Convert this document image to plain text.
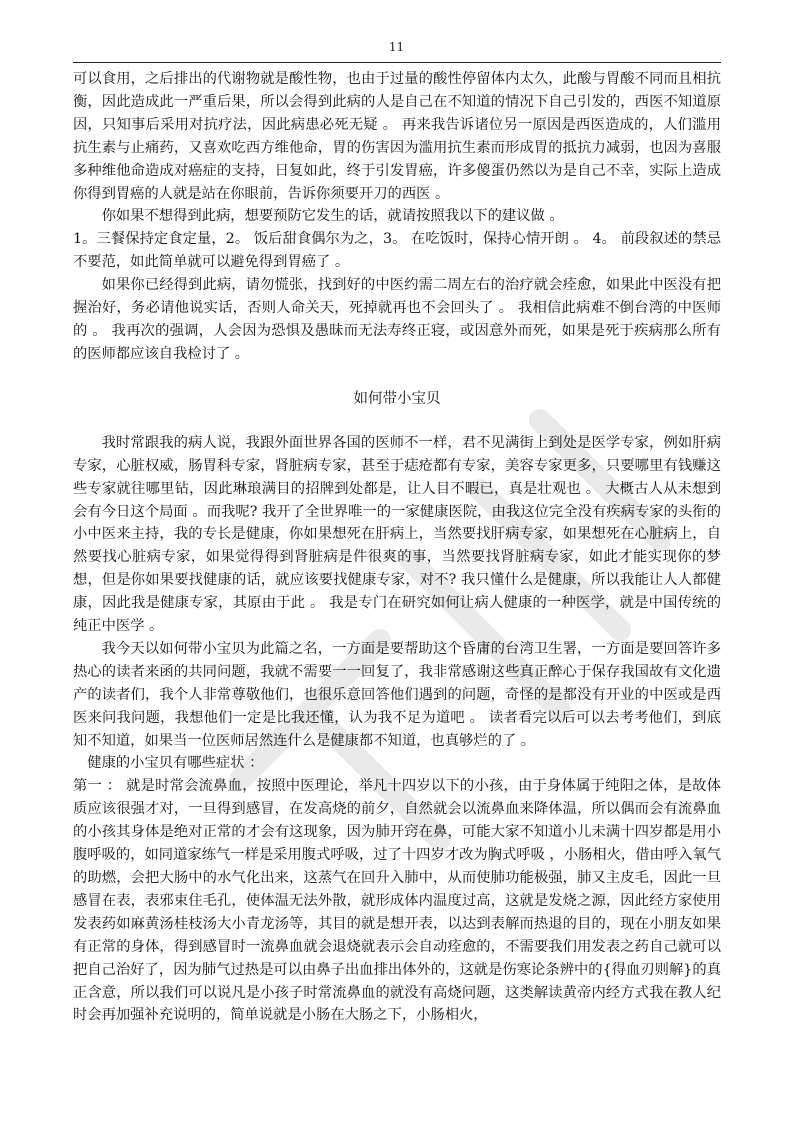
11

可以食用，之后排出的代谢物就是酸性物，也由于过量的酸性停留体内太久，此酸与胃酸不同而且相抗衡，因此造成此一严重后果，所以会得到此病的人是自己在不知道的情况下自己引发的，西医不知道原因，只知事后采用对抗疗法，因此病患必死无疑 。 再来我告诉诸位另一原因是西医造成的，人们滥用抗生素与止痛药，又喜欢吃西方维他命，胃的伤害因为滥用抗生素而形成胃的抵抗力减弱，也因为喜服多种维他命造成对癌症的支持，日复如此，终于引发胃癌，许多傻蛋仍然以为是自己不幸，实际上造成你得到胃癌的人就是站在你眼前，告诉你须要开刀的西医 。

你如果不想得到此病，想要预防它发生的话，就请按照我以下的建议做 。

1。三餐保持定食定量，2。 饭后甜食偶尔为之，3。 在吃饭时，保持心情开朗 。 4。 前段叙述的禁忌不要范，如此简单就可以避免得到胃癌了 。

如果你已经得到此病，请勿慌张，找到好的中医约需二周左右的治疗就会痊愈，如果此中医没有把握治好，务必请他说实话，否则人命关天，死掉就再也不会回头了 。 我相信此病难不倒台湾的中医师的 。 我再次的强调，人会因为恐惧及愚昧而无法寿终正寝，或因意外而死，如果是死于疾病那么所有的医师都应该自我检讨了 。

如何带小宝贝

我时常跟我的病人说，我跟外面世界各国的医师不一样，君不见满街上到处是医学专家，例如肝病专家，心脏权威，肠胃科专家，肾脏病专家，甚至于痣疮都有专家，美容专家更多，只要哪里有钱赚这些专家就往哪里钻，因此琳琅满目的招牌到处都是，让人目不暇已，真是壮观也 。 大概古人从未想到会有今日这个局面 。而我呢? 我开了全世界唯一的一家健康医院，由我这位完全没有疾病专家的头衔的小中医来主持，我的专长是健康，你如果想死在肝病上，当然要找肝病专家，如果想死在心脏病上，自然要找心脏病专家，如果觉得得到肾脏病是件很爽的事，当然要找肾脏病专家，如此才能实现你的梦想，但是你如果要找健康的话，就应该要找健康专家，对不? 我只懂什么是健康，所以我能让人人都健康，因此我是健康专家，其原由于此 。 我是专门在研究如何让病人健康的一种医学，就是中国传统的纯正中医学 。

我今天以如何带小宝贝为此篇之名，一方面是要帮助这个昏庸的台湾卫生署，一方面是要回答许多热心的读者来函的共同问题，我就不需要一一回复了，我非常感谢这些真正醉心于保存我国故有文化遗产的读者们，我个人非常尊敬他们，也很乐意回答他们遇到的问题，奇怪的是都没有开业的中医或是西医来问我问题，我想他们一定是比我还懂，认为我不足为道吧 。 读者看完以后可以去考考他们，到底知不知道，如果当一位医师居然连什么是健康都不知道，也真够烂的了 。

健康的小宝贝有哪些症状 ：

第一 ： 就是时常会流鼻血，按照中医理论，举凡十四岁以下的小孩，由于身体属于纯阳之体，是故体质应该很强才对，一旦得到感冒，在发高烧的前夕，自然就会以流鼻血来降体温，所以偶而会有流鼻血的小孩其身体是绝对正常的才会有这现象，因为肺开窍在鼻，可能大家不知道小儿未满十四岁都是用小腹呼吸的，如同道家练气一样是采用腹式呼吸，过了十四岁才改为胸式呼吸 ，小肠相火，借由呼入氧气的助燃，会把大肠中的水气化出来，这蒸气在回升入肺中，从而使肺功能极强，肺又主皮毛，因此一旦感冒在表，表邪束住毛孔，使体温无法外散，就形成体内温度过高，这就是发烧之源，因此经方家使用发表药如麻黄汤桂枝汤大小青龙汤等，其目的就是想开表，以达到表解而热退的目的，现在小朋友如果有正常的身体，得到感冒时一流鼻血就会退烧就表示会自动痊愈的，不需要我们用发表之药自己就可以把自己治好了，因为肺气过热是可以由鼻子出血排出体外的，这就是伤寒论条辨中的{得血刃则解}的真正含意，所以我们可以说凡是小孩子时常流鼻血的就没有高烧问题，这类解读黄帝内经方式我在教人纪时会再加强补充说明的，简单说就是小肠在大肠之下，小肠相火，
